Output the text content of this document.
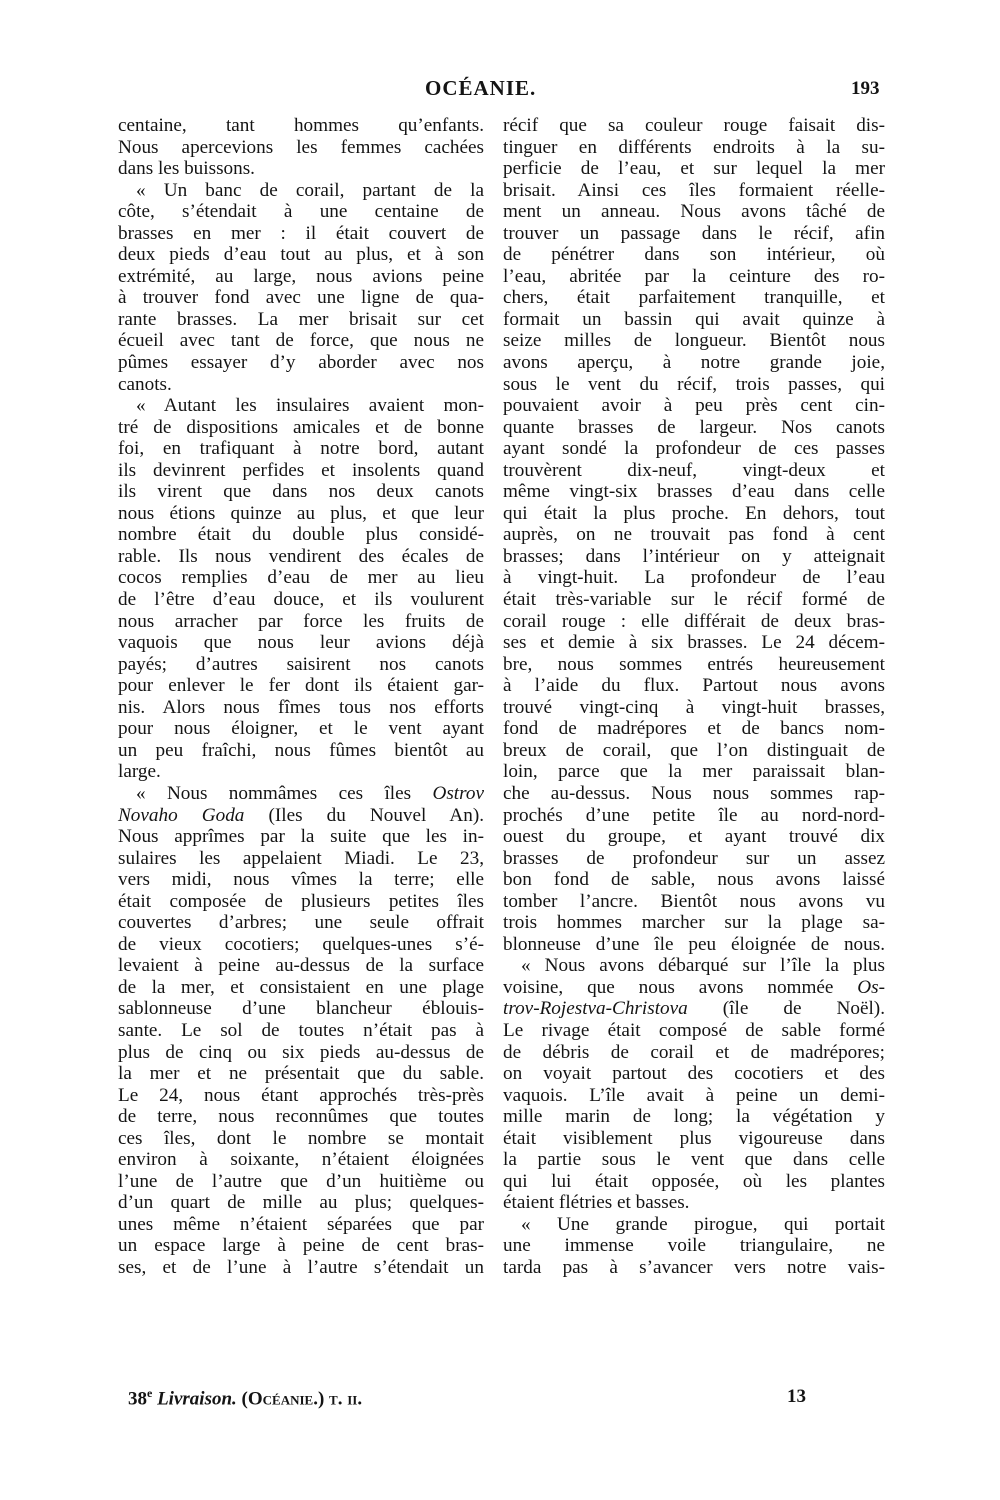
OCÉANIE.	193
centaine, tant hommes qu’enfants.
Nous apercevions les femmes cachées
dans les buissons.
« Un banc de corail, partant de la
côte, s’étendait à une centaine de
brasses en mer : il était couvert de
deux pieds d’eau tout au plus, et à son
extrémité, au large, nous avions peine
à trouver fond avec une ligne de qua-
rante brasses. La mer brisait sur cet
écueil avec tant de force, que nous ne
pûmes essayer d’y aborder avec nos
canots.
« Autant les insulaires avaient mon-
tré de dispositions amicales et de bonne
foi, en trafiquant à notre bord, autant
ils devinrent perfides et insolents quand
ils virent que dans nos deux canots
nous étions quinze au plus, et que leur
nombre était du double plus considé-
rable. Ils nous vendirent des écales de
cocos remplies d’eau de mer au lieu
de l’être d’eau douce, et ils voulurent
nous arracher par force les fruits de
vaquois que nous leur avions déjà
payés; d’autres saisirent nos canots
pour enlever le fer dont ils étaient gar-
nis. Alors nous fîmes tous nos efforts
pour nous éloigner, et le vent ayant
un peu fraîchi, nous fûmes bientôt au
large.
« Nous nommâmes ces îles Ostrov
Novaho Goda (Iles du Nouvel An).
Nous apprîmes par la suite que les in-
sulaires les appelaient Miadi. Le 23,
vers midi, nous vîmes la terre; elle
était composée de plusieurs petites îles
couvertes d’arbres; une seule offrait
de vieux cocotiers; quelques-unes s’é-
levaient à peine au-dessus de la surface
de la mer, et consistaient en une plage
sablonneuse d’une blancheur éblouis-
sante. Le sol de toutes n’était pas à
plus de cinq ou six pieds au-dessus de
la mer et ne présentait que du sable.
Le 24, nous étant approchés très-près
de terre, nous reconnûmes que toutes
ces îles, dont le nombre se montait
environ à soixante, n’étaient éloignées
l’une de l’autre que d’un huitième ou
d’un quart de mille au plus; quelques-
unes même n’étaient séparées que par
un espace large à peine de cent bras-
ses, et de l’une à l’autre s’étendait un
récif que sa couleur rouge faisait dis-
tinguer en différents endroits à la su-
perficie de l’eau, et sur lequel la mer
brisait. Ainsi ces îles formaient réelle-
ment un anneau. Nous avons tâché de
trouver un passage dans le récif, afin
de pénétrer dans son intérieur, où
l’eau, abritée par la ceinture des ro-
chers, était parfaitement tranquille, et
formait un bassin qui avait quinze à
seize milles de longueur. Bientôt nous
avons aperçu, à notre grande joie,
sous le vent du récif, trois passes, qui
pouvaient avoir à peu près cent cin-
quante brasses de largeur. Nos canots
ayant sondé la profondeur de ces passes
trouvèrent dix-neuf, vingt-deux et
même vingt-six brasses d’eau dans celle
qui était la plus proche. En dehors, tout
auprès, on ne trouvait pas fond à cent
brasses; dans l’intérieur on y atteignait
à vingt-huit. La profondeur de l’eau
était très-variable sur le récif formé de
corail rouge : elle différait de deux bras-
ses et demie à six brasses. Le 24 décem-
bre, nous sommes entrés heureusement
à l’aide du flux. Partout nous avons
trouvé vingt-cinq à vingt-huit brasses,
fond de madrépores et de bancs nom-
breux de corail, que l’on distinguait de
loin, parce que la mer paraissait blan-
che au-dessus. Nous nous sommes rap-
prochés d’une petite île au nord-nord-
ouest du groupe, et ayant trouvé dix
brasses de profondeur sur un assez
bon fond de sable, nous avons laissé
tomber l’ancre. Bientôt nous avons vu
trois hommes marcher sur la plage sa-
blonneuse d’une île peu éloignée de nous.
« Nous avons débarqué sur l’île la plus
voisine, que nous avons nommée Os-
trov-Rojestva-Christova (île de Noël).
Le rivage était composé de sable formé
de débris de corail et de madrépores;
on voyait partout des cocotiers et des
vaquois. L’île avait à peine un demi-
mille marin de long; la végétation y
était visiblement plus vigoureuse dans
la partie sous le vent que dans celle
qui lui était opposée, où les plantes
étaient flétries et basses.
« Une grande pirogue, qui portait
une immense voile triangulaire, ne
tarda pas à s’avancer vers notre vais-
38e Livraison. (Océanie.) t. ii.	13
